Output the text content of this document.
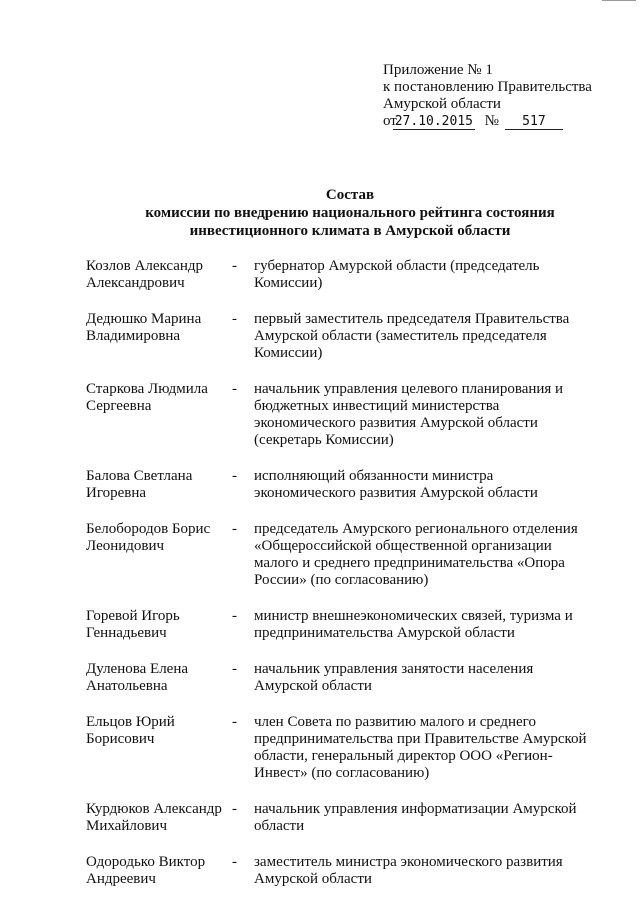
Приложение № 1
к постановлению Правительства
Амурской области
от27.10.2015 № 517
Состав
комиссии по внедрению национального рейтинга состояния
инвестиционного климата в Амурской области
Козлов Александр
Александрович
-	губернатор Амурской области (председатель
Комиссии)
Дедюшко Марина
Владимировна
-	первый заместитель председателя Правительства
Амурской области (заместитель председателя
Комиссии)
Старкова Людмила
Сергеевна
-	начальник управления целевого планирования и
бюджетных инвестиций министерства
экономического развития Амурской области
(секретарь Комиссии)
Балова Светлана
Игоревна
-	исполняющий обязанности министра
экономического развития Амурской области
Белобородов Борис
Леонидович
-	председатель Амурского регионального отделения
«Общероссийской общественной организации
малого и среднего предпринимательства «Опора
России» (по согласованию)
Горевой Игорь
Геннадьевич
-	министр внешнеэкономических связей, туризма и
предпринимательства Амурской области
Дуленова Елена
Анатольевна
-	начальник управления занятости населения
Амурской области
Ельцов Юрий
Борисович
-	член Совета по развитию малого и среднего
предпринимательства при Правительстве Амурской
области, генеральный директор ООО «Регион-
Инвест» (по согласованию)
Курдюков Александр
Михайлович
-	начальник управления информатизации Амурской
области
Одородько Виктор
Андреевич
-	заместитель министра экономического развития
Амурской области
